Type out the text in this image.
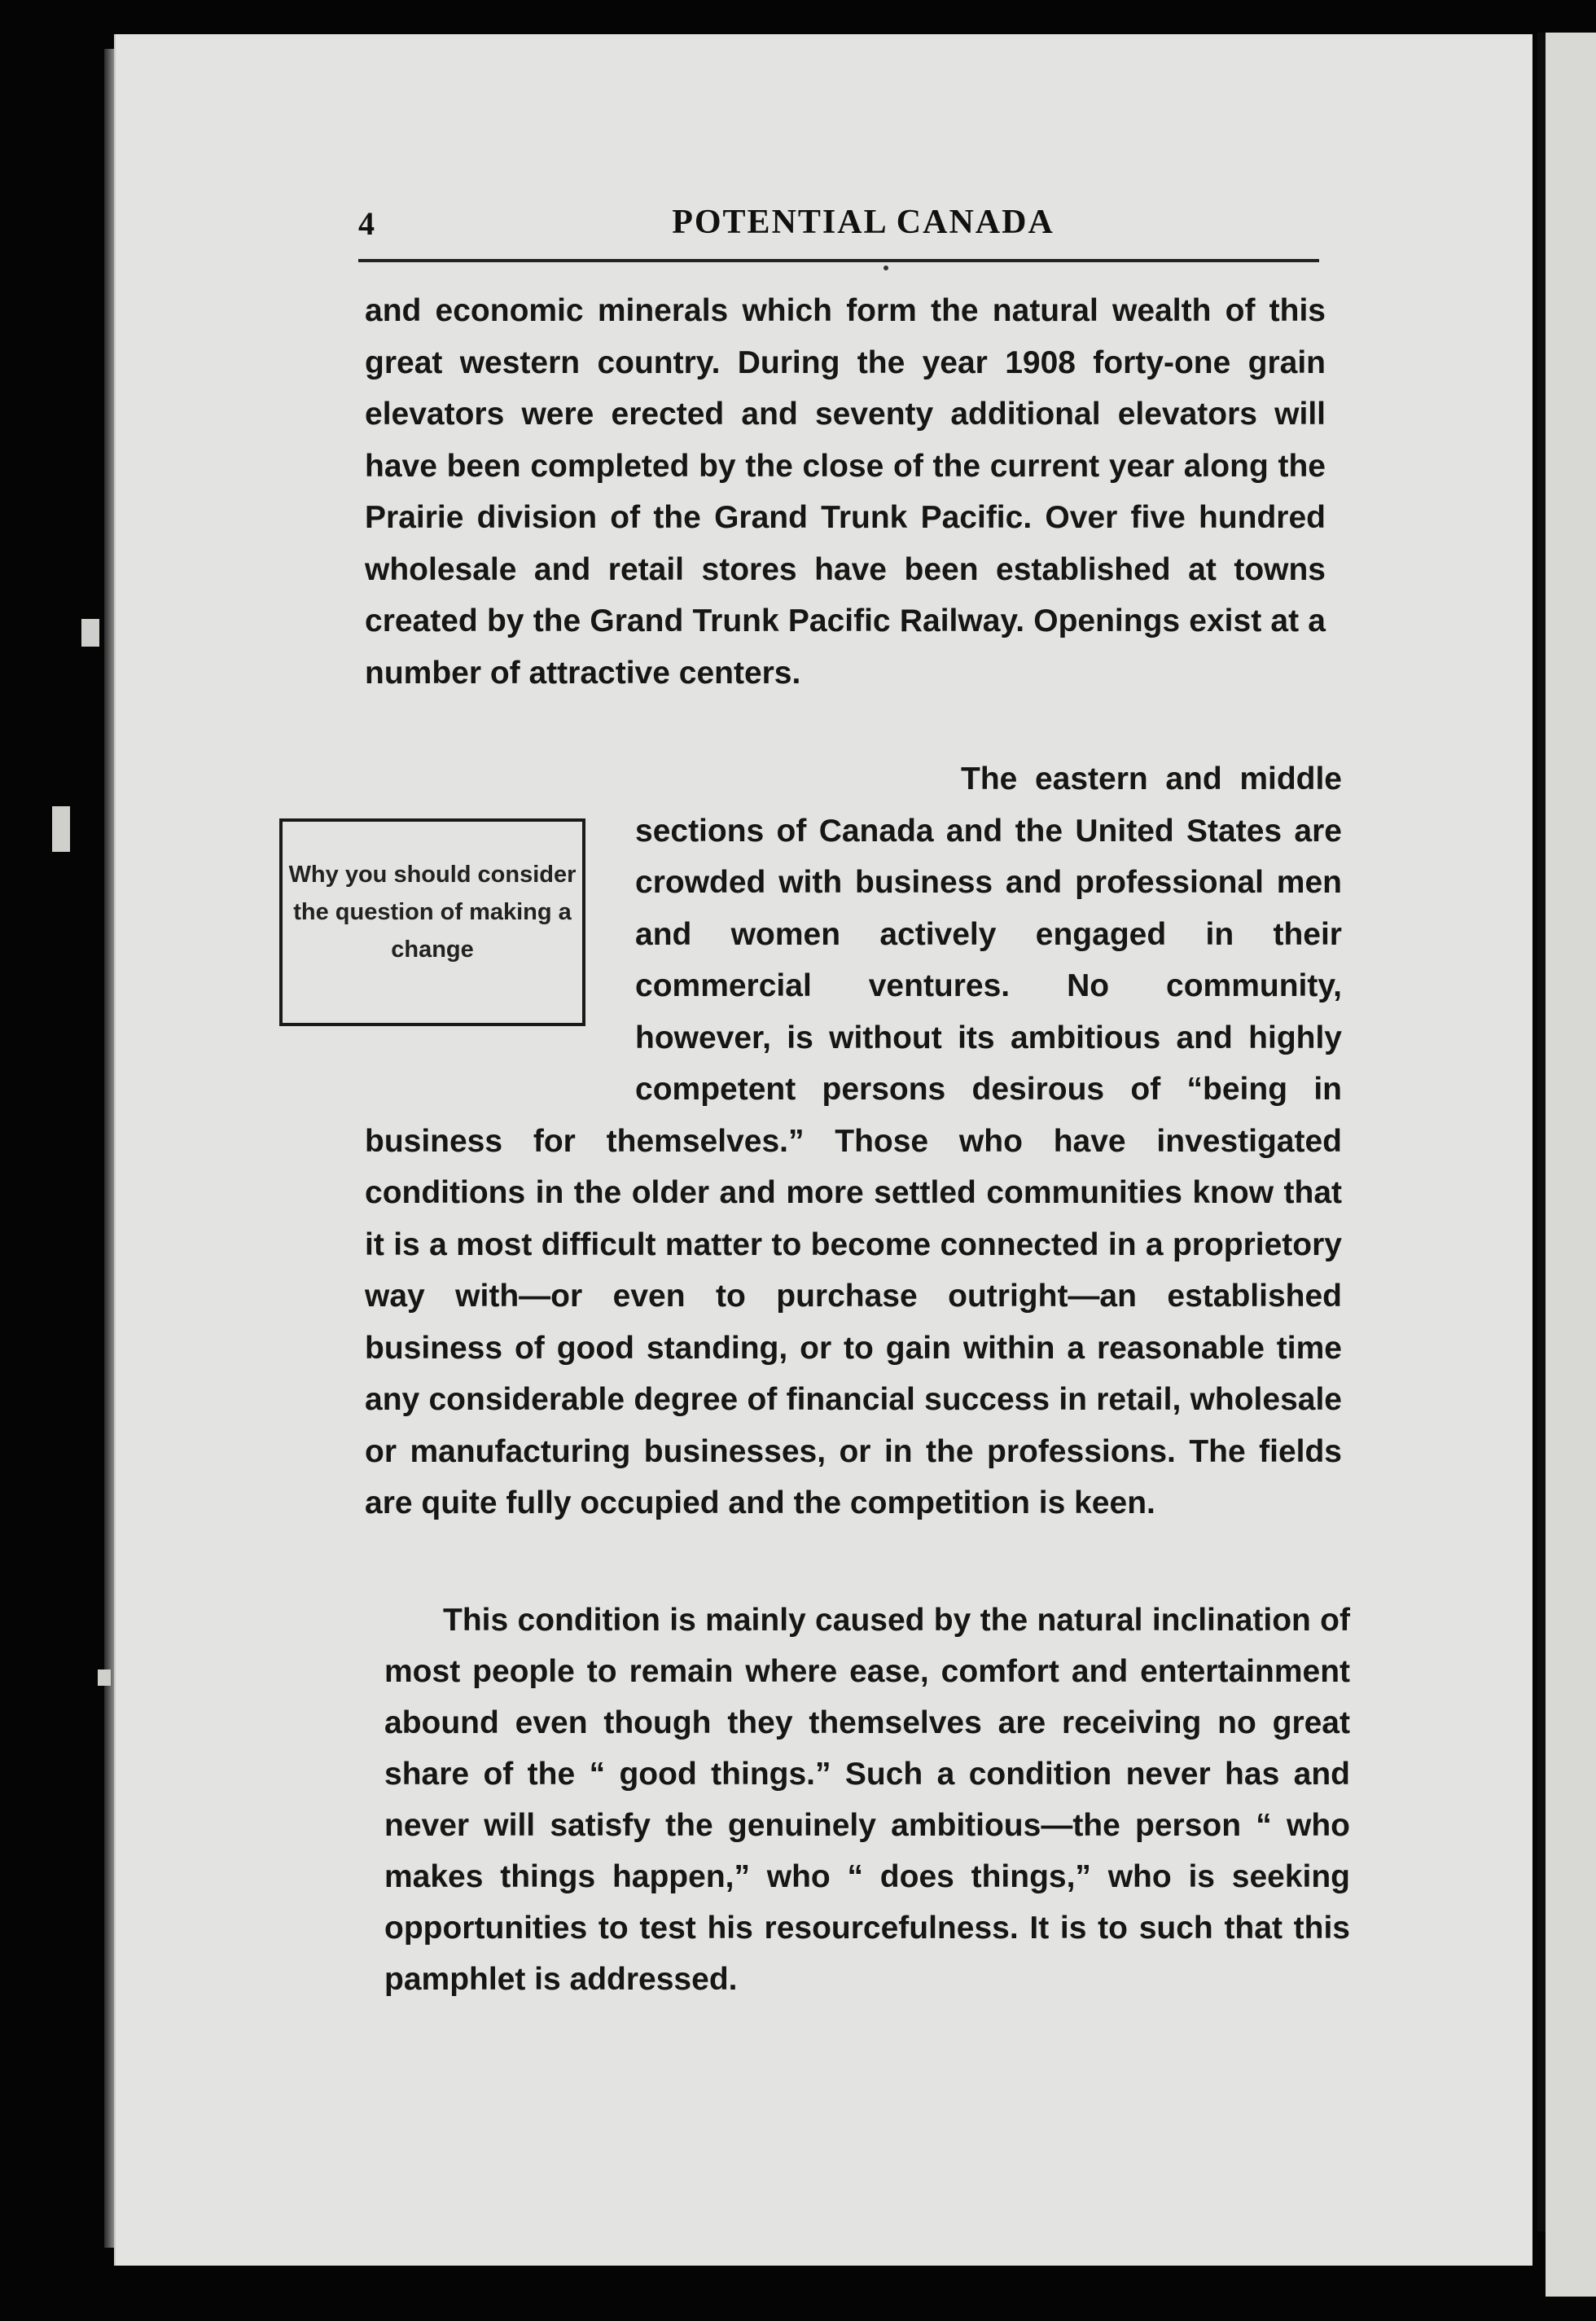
4	POTENTIAL CANADA

and economic minerals which form the natural wealth of this great western country. During the year 1908 forty-one grain elevators were erected and seventy additional elevators will have been completed by the close of the current year along the Prairie division of the Grand Trunk Pacific. Over five hundred wholesale and retail stores have been established at towns created by the Grand Trunk Pacific Railway. Openings exist at a number of attractive centers.

The eastern and middle sections of Canada and the United States are crowded with business and professional men and women actively engaged in their commercial ventures. No community, however, is without its ambitious and highly competent persons desirous of “being in business for themselves.” Those who have investigated conditions in the older and more settled communities know that it is a most difficult matter to become connected in a proprietory way with—or even to purchase outright—an established business of good standing, or to gain within a reasonable time any considerable degree of financial success in retail, wholesale or manufacturing businesses, or in the professions. The fields are quite fully occupied and the competition is keen.
Why you should consider the question of making a change

This condition is mainly caused by the natural inclination of most people to remain where ease, comfort and entertainment abound even though they themselves are receiving no great share of the “ good things.” Such a condition never has and never will satisfy the genuinely ambitious—the person “ who makes things happen,” who “ does things,” who is seeking opportunities to test his resourcefulness. It is to such that this pamphlet is addressed.
